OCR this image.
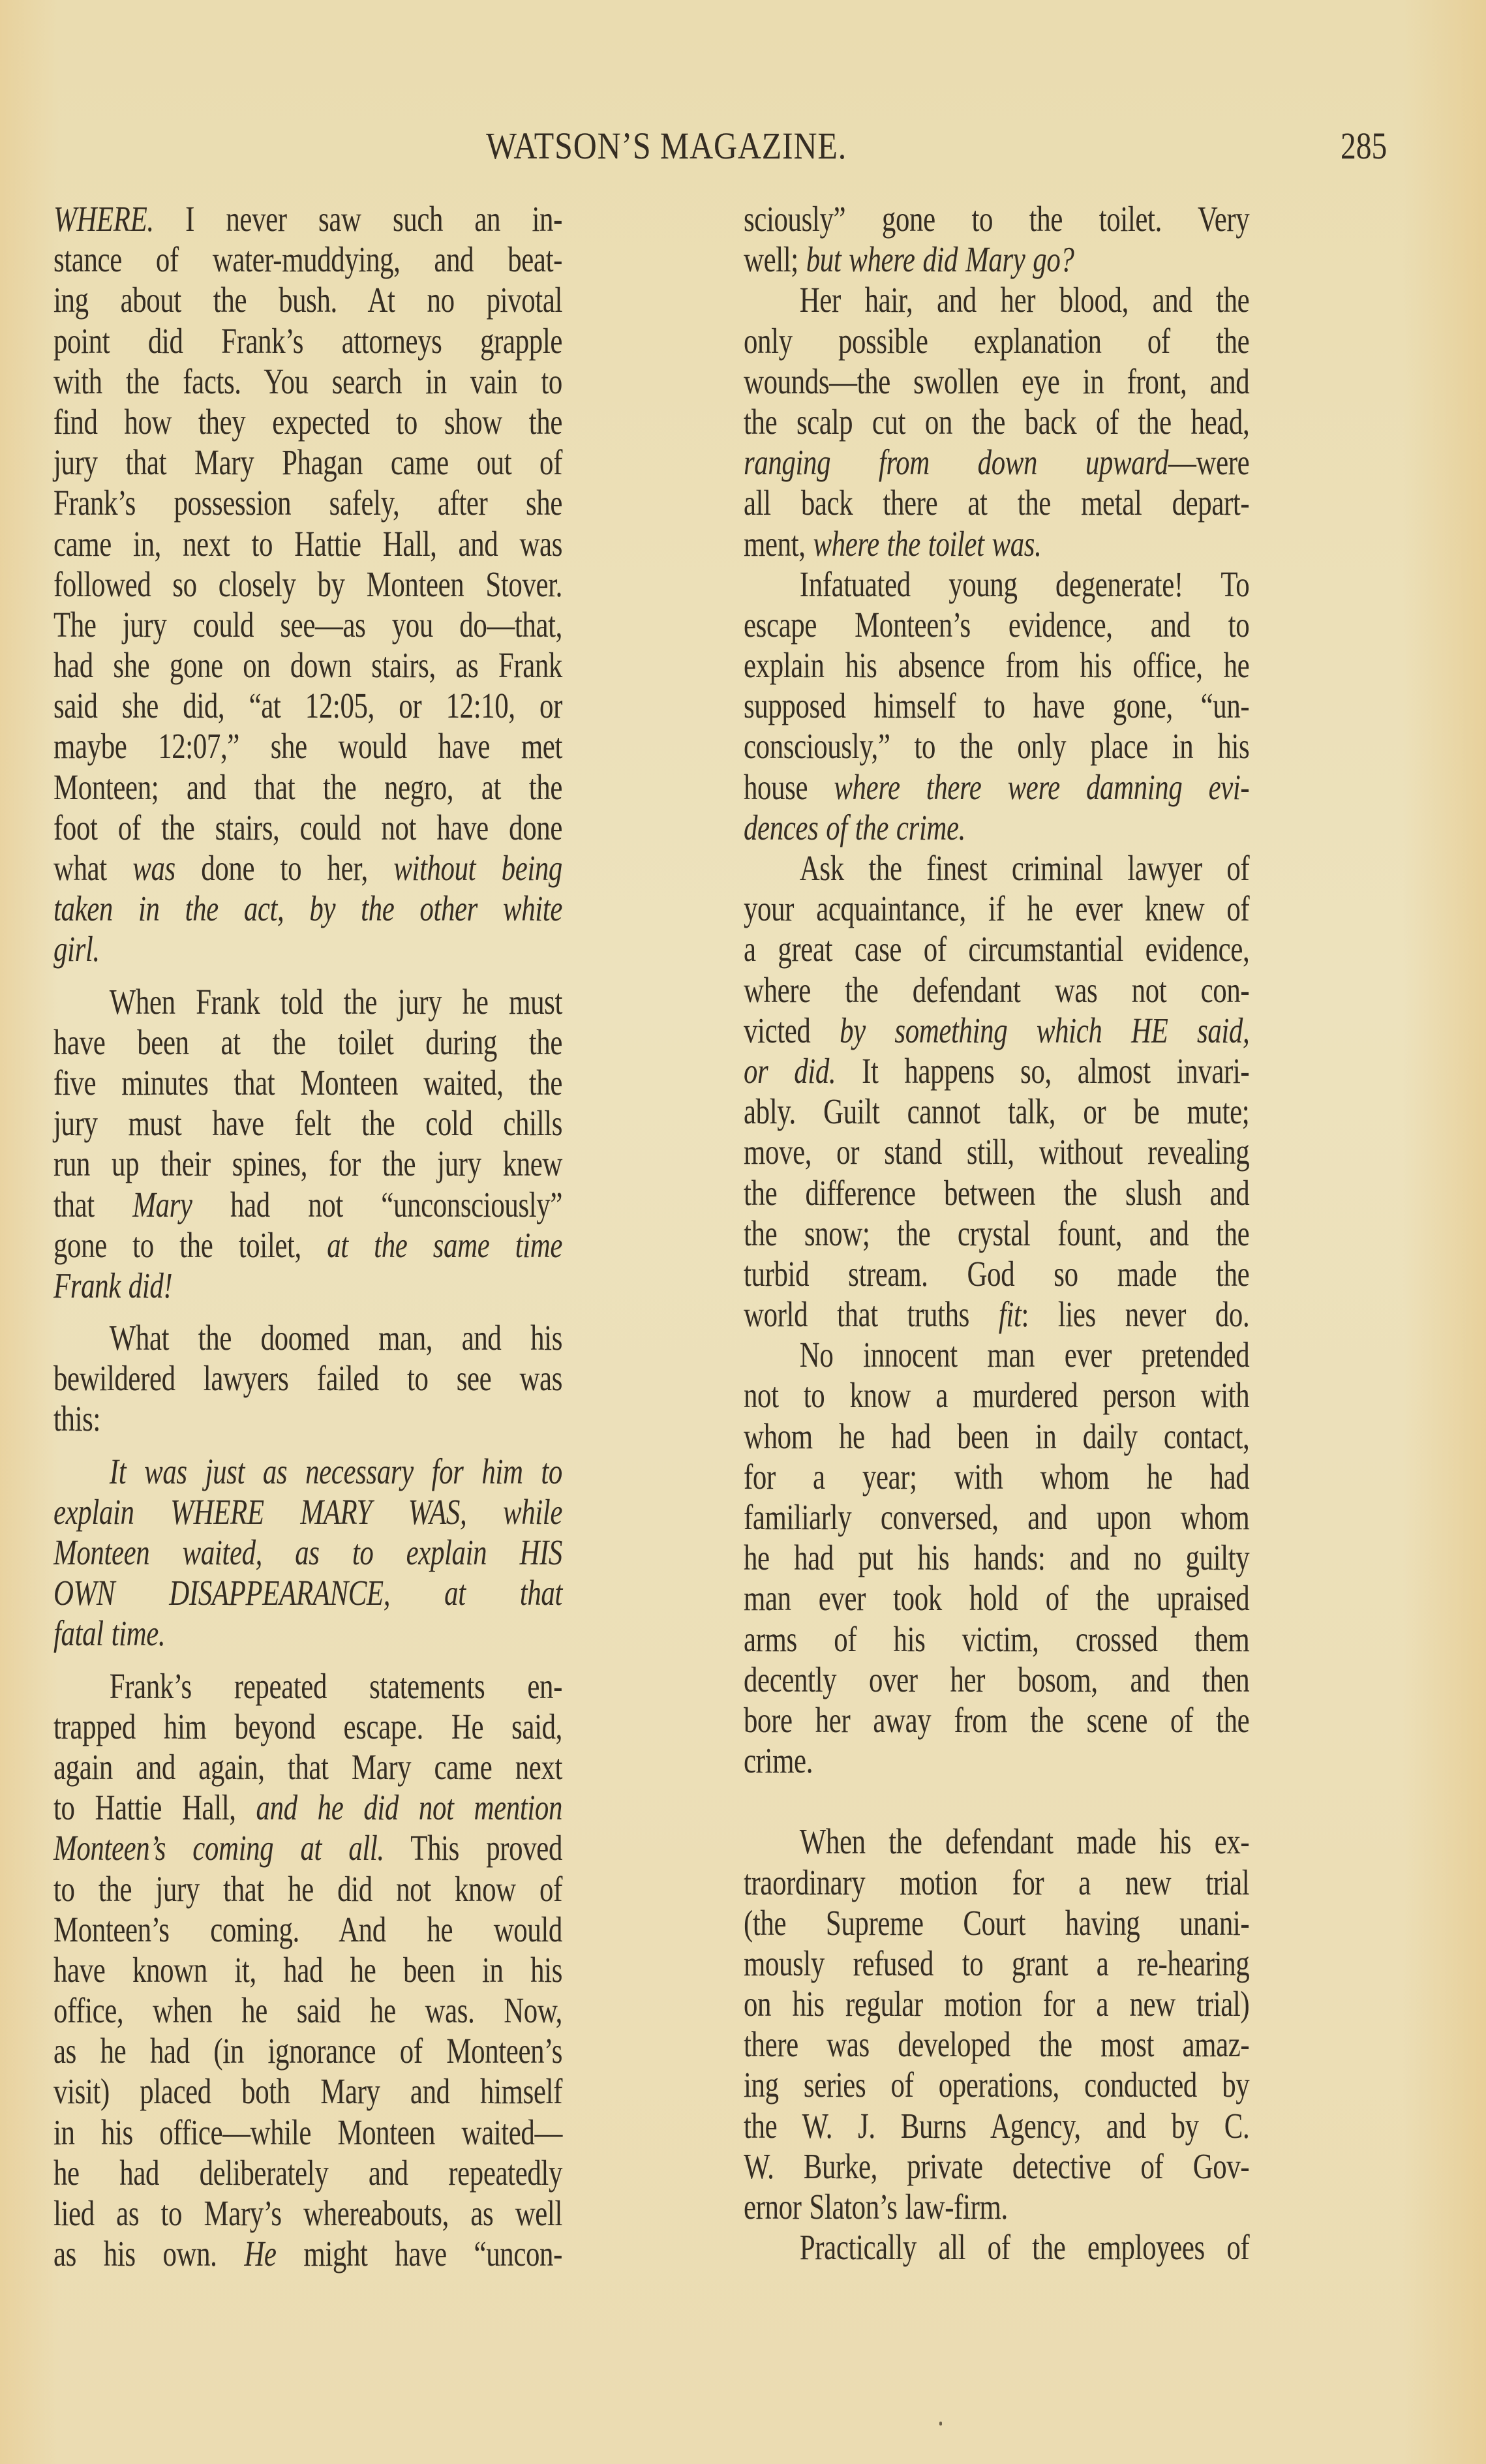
WATSON’S MAGAZINE.	285
WHERE. I never saw such an in-
stance of water-muddying, and beat-
ing about the bush. At no pivotal
point did Frank’s attorneys grapple
with the facts. You search in vain to
find how they expected to show the
jury that Mary Phagan came out of
Frank’s possession safely, after she
came in, next to Hattie Hall, and was
followed so closely by Monteen Stover.
The jury could see—as you do—that,
had she gone on down stairs, as Frank
said she did, “at 12:05, or 12:10, or
maybe 12:07,” she would have met
Monteen; and that the negro, at the
foot of the stairs, could not have done
what was done to her, without being
taken in the act, by the other white
girl.
When Frank told the jury he must
have been at the toilet during the
five minutes that Monteen waited, the
jury must have felt the cold chills
run up their spines, for the jury knew
that Mary had not “unconsciously”
gone to the toilet, at the same time
Frank did!
What the doomed man, and his
bewildered lawyers failed to see was
this:
It was just as necessary for him to
explain WHERE MARY WAS, while
Monteen waited, as to explain HIS
OWN DISAPPEARANCE, at that
fatal time.
Frank’s repeated statements en-
trapped him beyond escape. He said,
again and again, that Mary came next
to Hattie Hall, and he did not mention
Monteen’s coming at all. This proved
to the jury that he did not know of
Monteen’s coming. And he would
have known it, had he been in his
office, when he said he was. Now,
as he had (in ignorance of Monteen’s
visit) placed both Mary and himself
in his office—while Monteen waited—
he had deliberately and repeatedly
lied as to Mary’s whereabouts, as well
as his own. He might have “uncon-
sciously” gone to the toilet. Very
well; but where did Mary go?
Her hair, and her blood, and the
only possible explanation of the
wounds—the swollen eye in front, and
the scalp cut on the back of the head,
ranging from down upward—were
all back there at the metal depart-
ment, where the toilet was.
Infatuated young degenerate! To
escape Monteen’s evidence, and to
explain his absence from his office, he
supposed himself to have gone, “un-
consciously,” to the only place in his
house where there were damning evi-
dences of the crime.
Ask the finest criminal lawyer of
your acquaintance, if he ever knew of
a great case of circumstantial evidence,
where the defendant was not con-
victed by something which HE said,
or did. It happens so, almost invari-
ably. Guilt cannot talk, or be mute;
move, or stand still, without revealing
the difference between the slush and
the snow; the crystal fount, and the
turbid stream. God so made the
world that truths fit: lies never do.
No innocent man ever pretended
not to know a murdered person with
whom he had been in daily contact,
for a year; with whom he had
familiarly conversed, and upon whom
he had put his hands: and no guilty
man ever took hold of the upraised
arms of his victim, crossed them
decently over her bosom, and then
bore her away from the scene of the
crime.
When the defendant made his ex-
traordinary motion for a new trial
(the Supreme Court having unani-
mously refused to grant a re-hearing
on his regular motion for a new trial)
there was developed the most amaz-
ing series of operations, conducted by
the W. J. Burns Agency, and by C.
W. Burke, private detective of Gov-
ernor Slaton’s law-firm.
Practically all of the employees of
